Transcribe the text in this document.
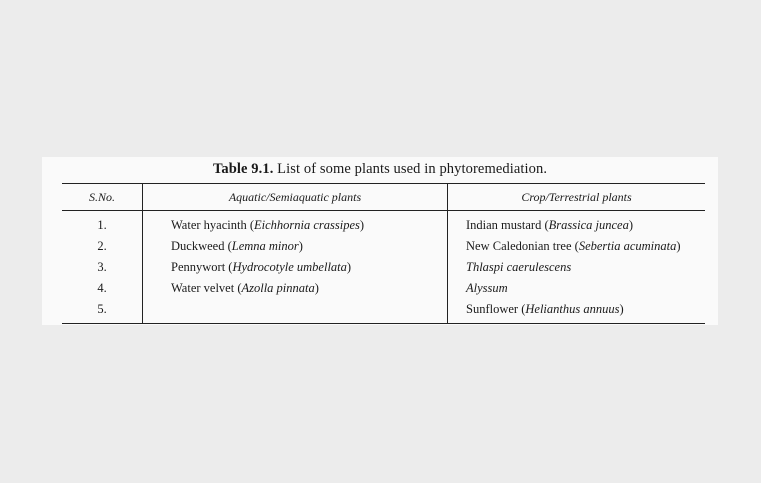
Table 9.1. List of some plants used in phytoremediation.
S.No.	Aquatic/Semiaquatic plants	Crop/Terrestrial plants
1.	Water hyacinth (Eichhornia crassipes)	Indian mustard (Brassica juncea)
2.	Duckweed (Lemna minor)	New Caledonian tree (Sebertia acuminata)
3.	Pennywort (Hydrocotyle umbellata)	Thlaspi caerulescens
4.	Water velvet (Azolla pinnata)	Alyssum
5.		Sunflower (Helianthus annuus)
